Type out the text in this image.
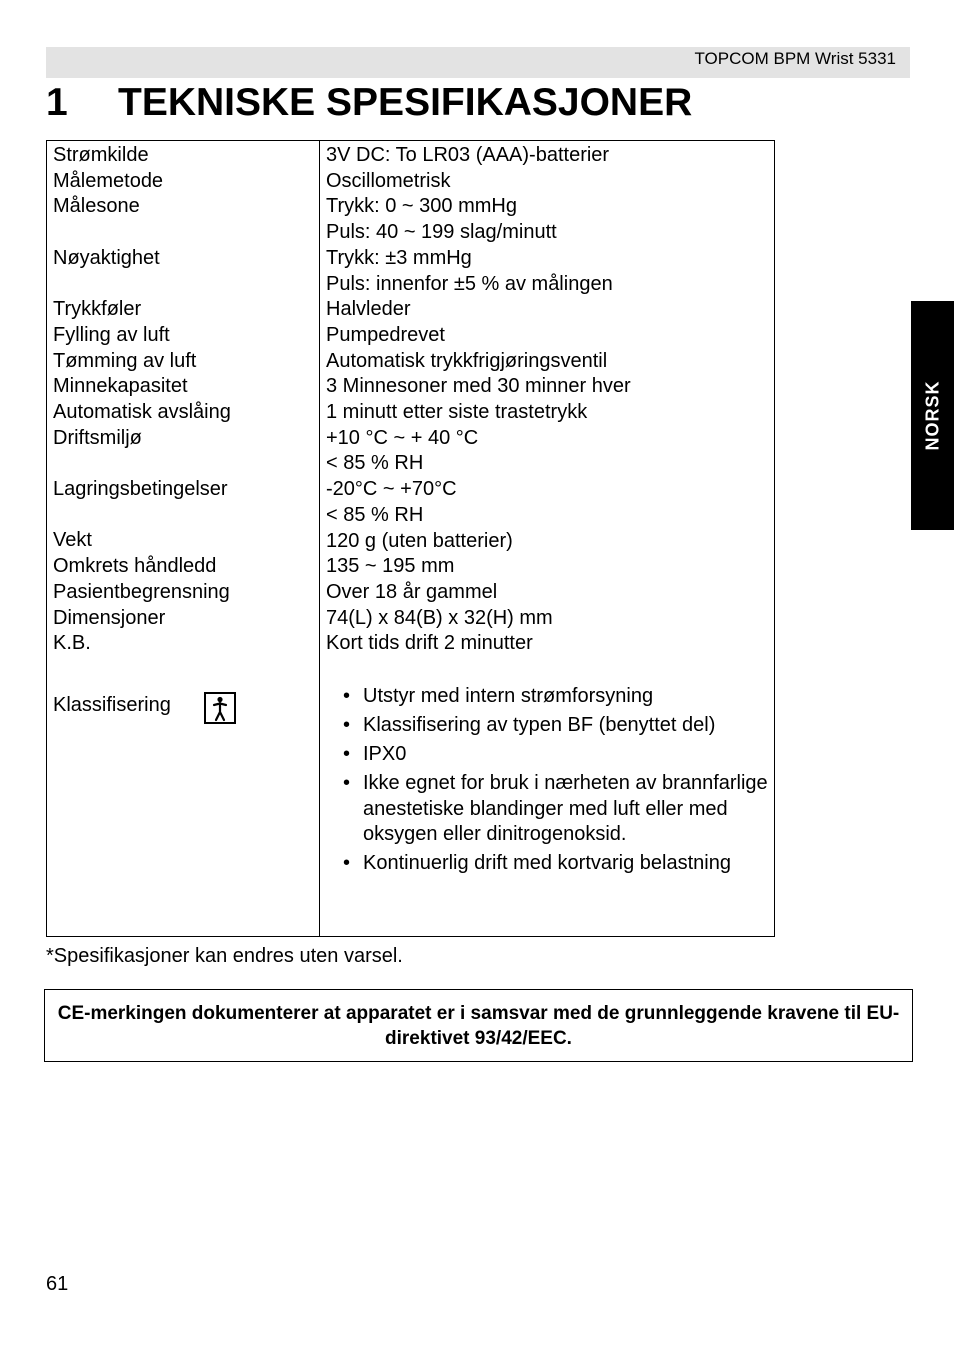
TOPCOM BPM Wrist 5331
1 TEKNISKE SPESIFIKASJONER
Strømkilde
Målemetode
Målesone
Nøyaktighet
Trykkføler
Fylling av luft
Tømming av luft
Minnekapasitet
Automatisk avslåing
Driftsmiljø
Lagringsbetingelser
Vekt
Omkrets håndledd
Pasientbegrensning
Dimensjoner
K.B.
3V DC: To LR03 (AAA)-batterier
Oscillometrisk
Trykk: 0 ~ 300 mmHg
Puls: 40 ~ 199 slag/minutt
Trykk: ±3 mmHg
Puls: innenfor ±5 % av målingen
Halvleder
Pumpedrevet
Automatisk trykkfrigjøringsventil
3 Minnesoner med 30 minner hver
1 minutt etter siste trastetrykk
+10 °C ~ + 40 °C
< 85 % RH
-20°C ~ +70°C
< 85 % RH
120 g (uten batterier)
135 ~ 195 mm
Over 18 år gammel
74(L) x 84(B) x 32(H) mm
Kort tids drift 2 minutter
Klassifisering
•	Utstyr med intern strømforsyning
• Klassifisering av typen BF (benyttet del)
• IPX0
• Ikke egnet for bruk i nærheten av brannfarlige anestetiske blandinger med luft eller med oksygen eller dinitrogenoksid.
• Kontinuerlig drift med kortvarig belastning
*Spesifikasjoner kan endres uten varsel.
CE-merkingen dokumenterer at apparatet er i samsvar med de grunnleggende kravene til EU-direktivet 93/42/EEC.
NORSK
61
